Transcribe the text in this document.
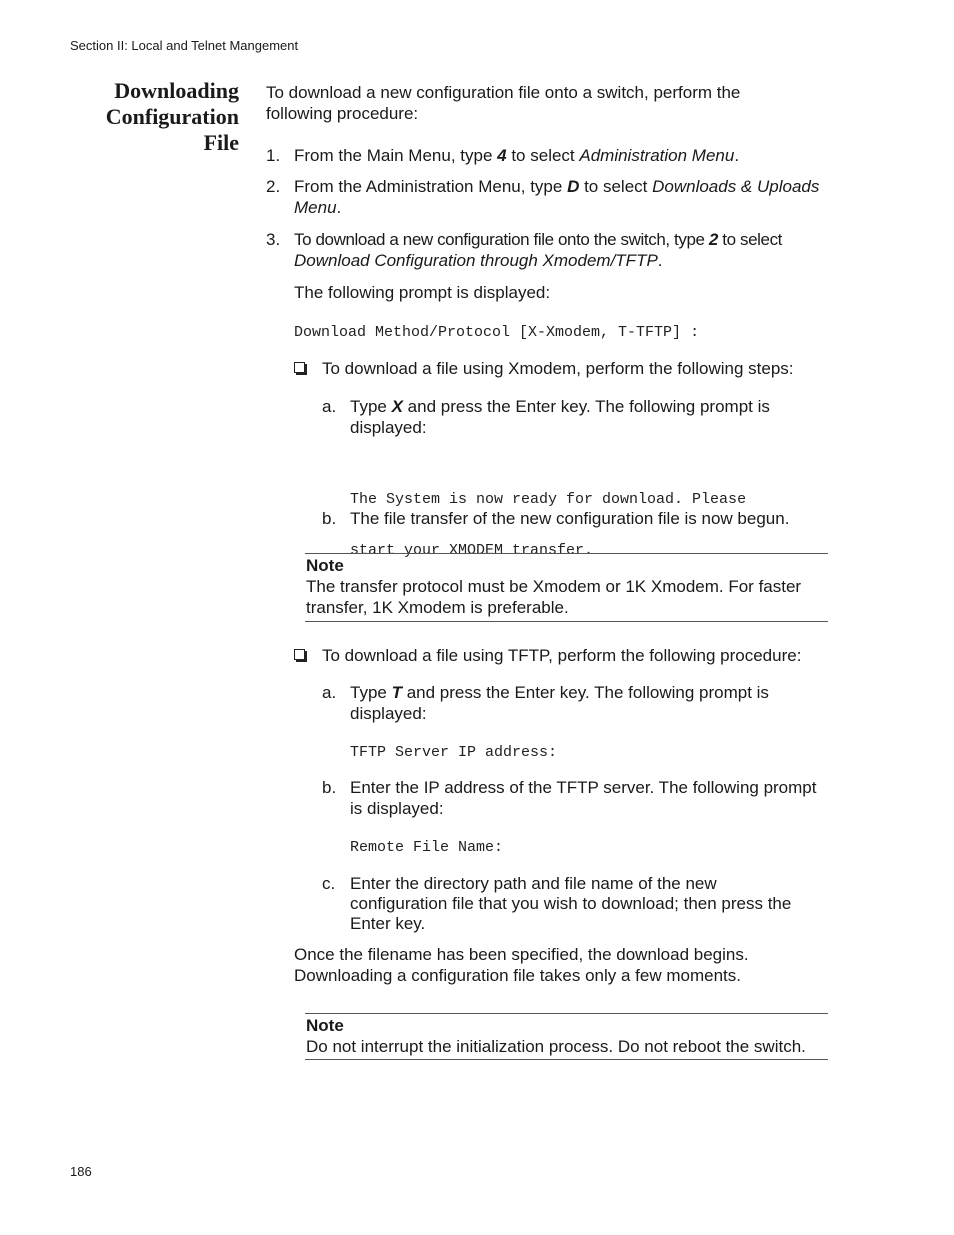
Section II: Local and Telnet Mangement
Downloading
Configuration
File
To download a new configuration file onto a switch, perform the
following procedure:
1. From the Main Menu, type 4 to select Administration Menu.
2. From the Administration Menu, type D to select Downloads & Uploads
Menu.
3. To download a new configuration file onto the switch, type 2 to select
Download Configuration through Xmodem/TFTP.
The following prompt is displayed:
Download Method/Protocol [X-Xmodem, T-TFTP] :
To download a file using Xmodem, perform the following steps:
a. Type X and press the Enter key. The following prompt is
displayed:

The System is now ready for download. Please

start your XMODEM transfer.

b. The file transfer of the new configuration file is now begun.
Note
The transfer protocol must be Xmodem or 1K Xmodem. For faster
transfer, 1K Xmodem is preferable.
To download a file using TFTP, perform the following procedure:
a. Type T and press the Enter key. The following prompt is
displayed:
TFTP Server IP address:
b. Enter the IP address of the TFTP server. The following prompt
is displayed:
Remote File Name:
c. Enter the directory path and file name of the new
configuration file that you wish to download; then press the
Enter key.
Once the filename has been specified, the download begins.
Downloading a configuration file takes only a few moments.
Note
Do not interrupt the initialization process. Do not reboot the switch.
186
